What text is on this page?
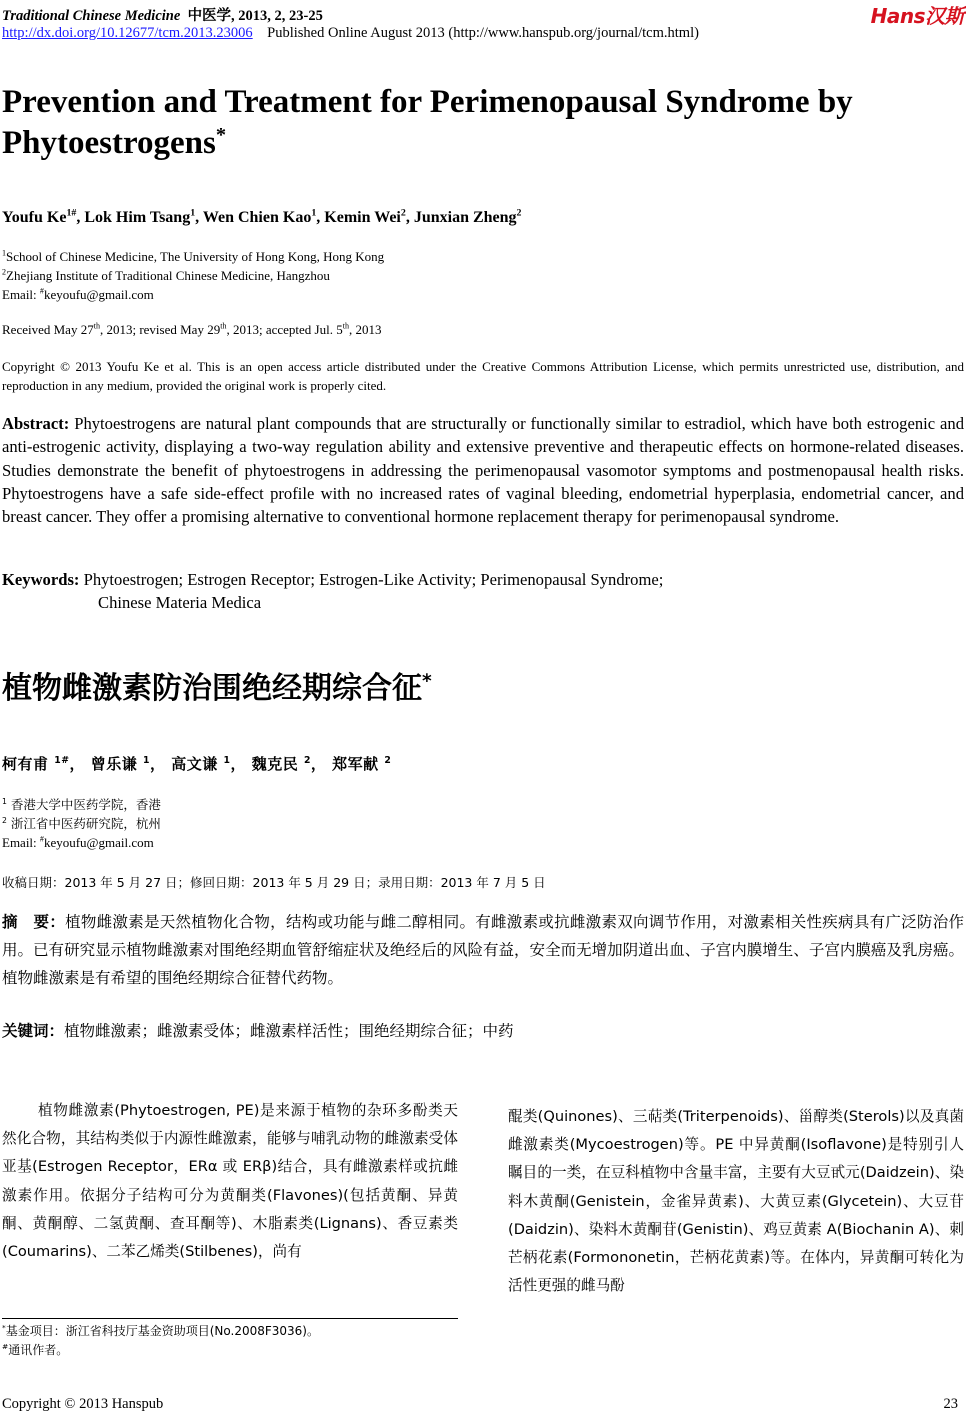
Traditional Chinese Medicine 中医学, 2013, 2, 23-25
http://dx.doi.org/10.12677/tcm.2013.23006 Published Online August 2013 (http://www.hanspub.org/journal/tcm.html)
Hans汉斯
Prevention and Treatment for Perimenopausal Syndrome by Phytoestrogens*
Youfu $Ke^{1\#}$, Lok Him Tsang$^1$, Wen Chien Kao$^1$, Kemin Wei$^2$, Junxian Zheng$^2$
$^1$School of Chinese Medicine, The University of Hong Kong, Hong Kong
$^2$Zhejiang Institute of Traditional Chinese Medicine, Hangzhou
Email: #keyoufu@gmail.com
Received May 27th, 2013; revised May 29th, 2013; accepted Jul. 5th, 2013
Copyright © 2013 Youfu Ke et al. This is an open access article distributed under the Creative Commons Attribution License, which permits unrestricted use, distribution, and reproduction in any medium, provided the original work is properly cited.
Abstract: Phytoestrogens are natural plant compounds that are structurally or functionally similar to estradiol, which have both estrogenic and anti-estrogenic activity, displaying a two-way regulation ability and extensive preventive and therapeutic effects on hormone-related diseases. Studies demonstrate the benefit of phytoestrogens in addressing the perimenopausal vasomotor symptoms and postmenopausal health risks. Phytoestrogens have a safe side-effect profile with no increased rates of vaginal bleeding, endometrial hyperplasia, endometrial cancer, and breast cancer. They offer a promising alternative to conventional hormone replacement therapy for perimenopausal syndrome.
Keywords: Phytoestrogen; Estrogen Receptor; Estrogen-Like Activity; Perimenopausal Syndrome;
Chinese Materia Medica
植物雌激素防治围绝经期综合征*
柯有甫 $^{1\#}$， 曾乐谦 $^1$， 高文谦 $^1$， 魏克民 $^2$， 郑军献 $^2$
$^1$ 香港大学中医药学院，香港
$^2$ 浙江省中医药研究院，杭州
Email: #keyoufu@gmail.com
收稿日期：2013 年 5 月 27 日；修回日期：2013 年 5 月 29 日；录用日期：2013 年 7 月 5 日
摘　要：植物雌激素是天然植物化合物，结构或功能与雌二醇相同。有雌激素或抗雌激素双向调节作用，对激素相关性疾病具有广泛防治作用。已有研究显示植物雌激素对围绝经期血管舒缩症状及绝经后的风险有益，安全而无增加阴道出血、子宫内膜增生、子宫内膜癌及乳房癌。植物雌激素是有希望的围绝经期综合征替代药物。
关键词：植物雌激素；雌激素受体；雌激素样活性；围绝经期综合征；中药
植物雌激素(Phytoestrogen, PE)是来源于植物的杂环多酚类天然化合物，其结构类似于内源性雌激素，能够与哺乳动物的雌激素受体亚基(Estrogen Receptor，ERα 或 ERβ)结合，具有雌激素样或抗雌激素作用。依据分子结构可分为黄酮类(Flavones)(包括黄酮、异黄酮、黄酮醇、二氢黄酮、查耳酮等)、木脂素类(Lignans)、香豆素类(Coumarins)、二苯乙烯类(Stilbenes)，尚有
醌类(Quinones)、三萜类(Triterpenoids)、甾醇类(Sterols)以及真菌雌激素类(Mycoestrogen)等。PE 中异黄酮(Isoflavone)是特别引人瞩目的一类，在豆科植物中含量丰富，主要有大豆甙元(Daidzein)、染料木黄酮(Genistein，金雀异黄素)、大黄豆素(Glycetein)、大豆苷(Daidzin)、染料木黄酮苷(Genistin)、鸡豆黄素 A(Biochanin A)、刺芒柄花素(Formononetin，芒柄花黄素)等。在体内，异黄酮可转化为活性更强的雌马酚
*基金项目：浙江省科技厅基金资助项目(No.2008F3036)。
#通讯作者。
Copyright © 2013 Hanspub	23
